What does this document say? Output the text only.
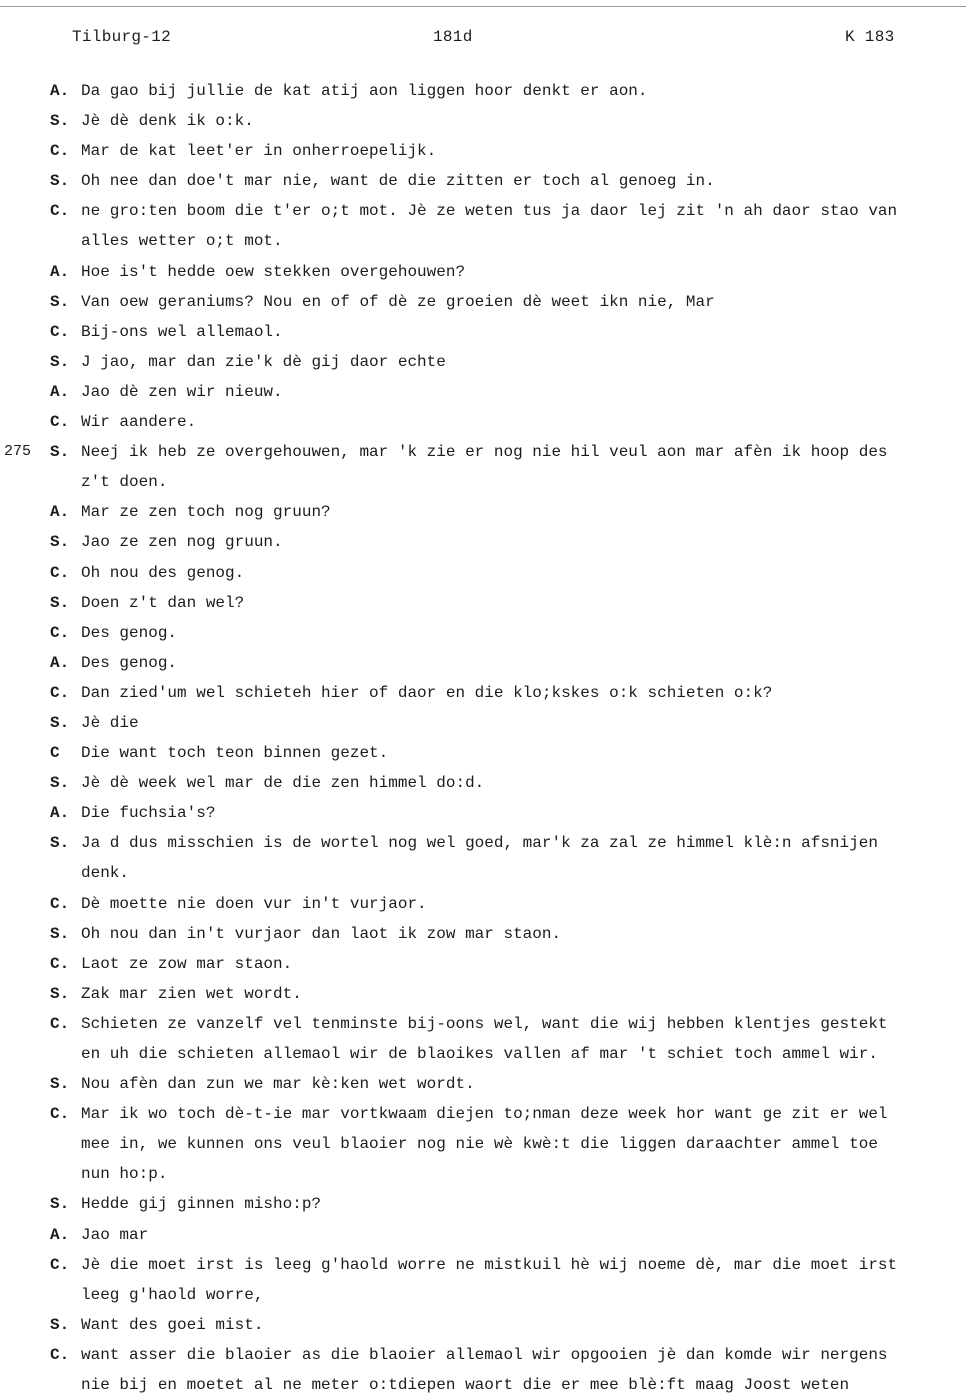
Tilburg-12	181d	K 183
A. Da gao bij jullie de kat atij aon liggen hoor denkt er aon.
S. Jè dè denk ik o:k.
C. Mar de kat leet'er in onherroepelijk.
S. Oh nee dan doe't mar nie, want de die zitten er toch al genoeg in.
C. ne gro:ten boom die t'er o;t mot. Jè ze weten tus ja daor lej zit 'n ah daor stao van
alles wetter o;t mot.
A. Hoe is't hedde oew stekken overgehouwen?
S. Van oew geraniums? Nou en of of dè ze groeien dè weet ikn nie, Mar
C. Bij-ons wel allemaol.
S. J jao, mar dan zie'k dè gij daor echte
A. Jao dè zen wir nieuw.
C. Wir aandere.
275 S. Neej ik heb ze overgehouwen, mar 'k zie er nog nie hil veul aon mar afèn ik hoop des
z't doen.
A. Mar ze zen toch nog gruun?
S. Jao ze zen nog gruun.
C. Oh nou des genog.
S. Doen z't dan wel?
C. Des genog.
A. Des genog.
C. Dan zied'um wel schieteh hier of daor en die klo;kskes o:k schieten o:k?
S. Jè die
C Die want toch teon binnen gezet.
S. Jè dè week wel mar de die zen himmel do:d.
A. Die fuchsia's?
S. Ja d dus misschien is de wortel nog wel goed, mar'k za zal ze himmel klè:n afsnijen
denk.
C. Dè moette nie doen vur in't vurjaor.
S. Oh nou dan in't vurjaor dan laot ik zow mar staon.
C. Laot ze zow mar staon.
S. Zak mar zien wet wordt.
C. Schieten ze vanzelf vel tenminste bij-oons wel, want die wij hebben klentjes gestekt
en uh die schieten allemaol wir de blaoikes vallen af mar 't schiet toch ammel wir.
S. Nou afèn dan zun we mar kè:ken wet wordt.
C. Mar ik wo toch dè-t-ie mar vortkwaam diejen to;nman deze week hor want ge zit er wel
mee in, we kunnen ons veul blaoier nog nie wè kwè:t die liggen daraachter ammel toe
nun ho:p.
S. Hedde gij ginnen misho:p?
A. Jao mar
C. Jè die moet irst is leeg g'haold worre ne mistkuil hè wij noeme dè, mar die moet irst
leeg g'haold worre,
S. Want des goei mist.
C. want asser die blaoier as die blaoier allemaol wir opgooien jè dan komde wir nergens
nie bij en moetet al ne meter o:tdiepen waort die er mee blè:ft maag Joost weten
